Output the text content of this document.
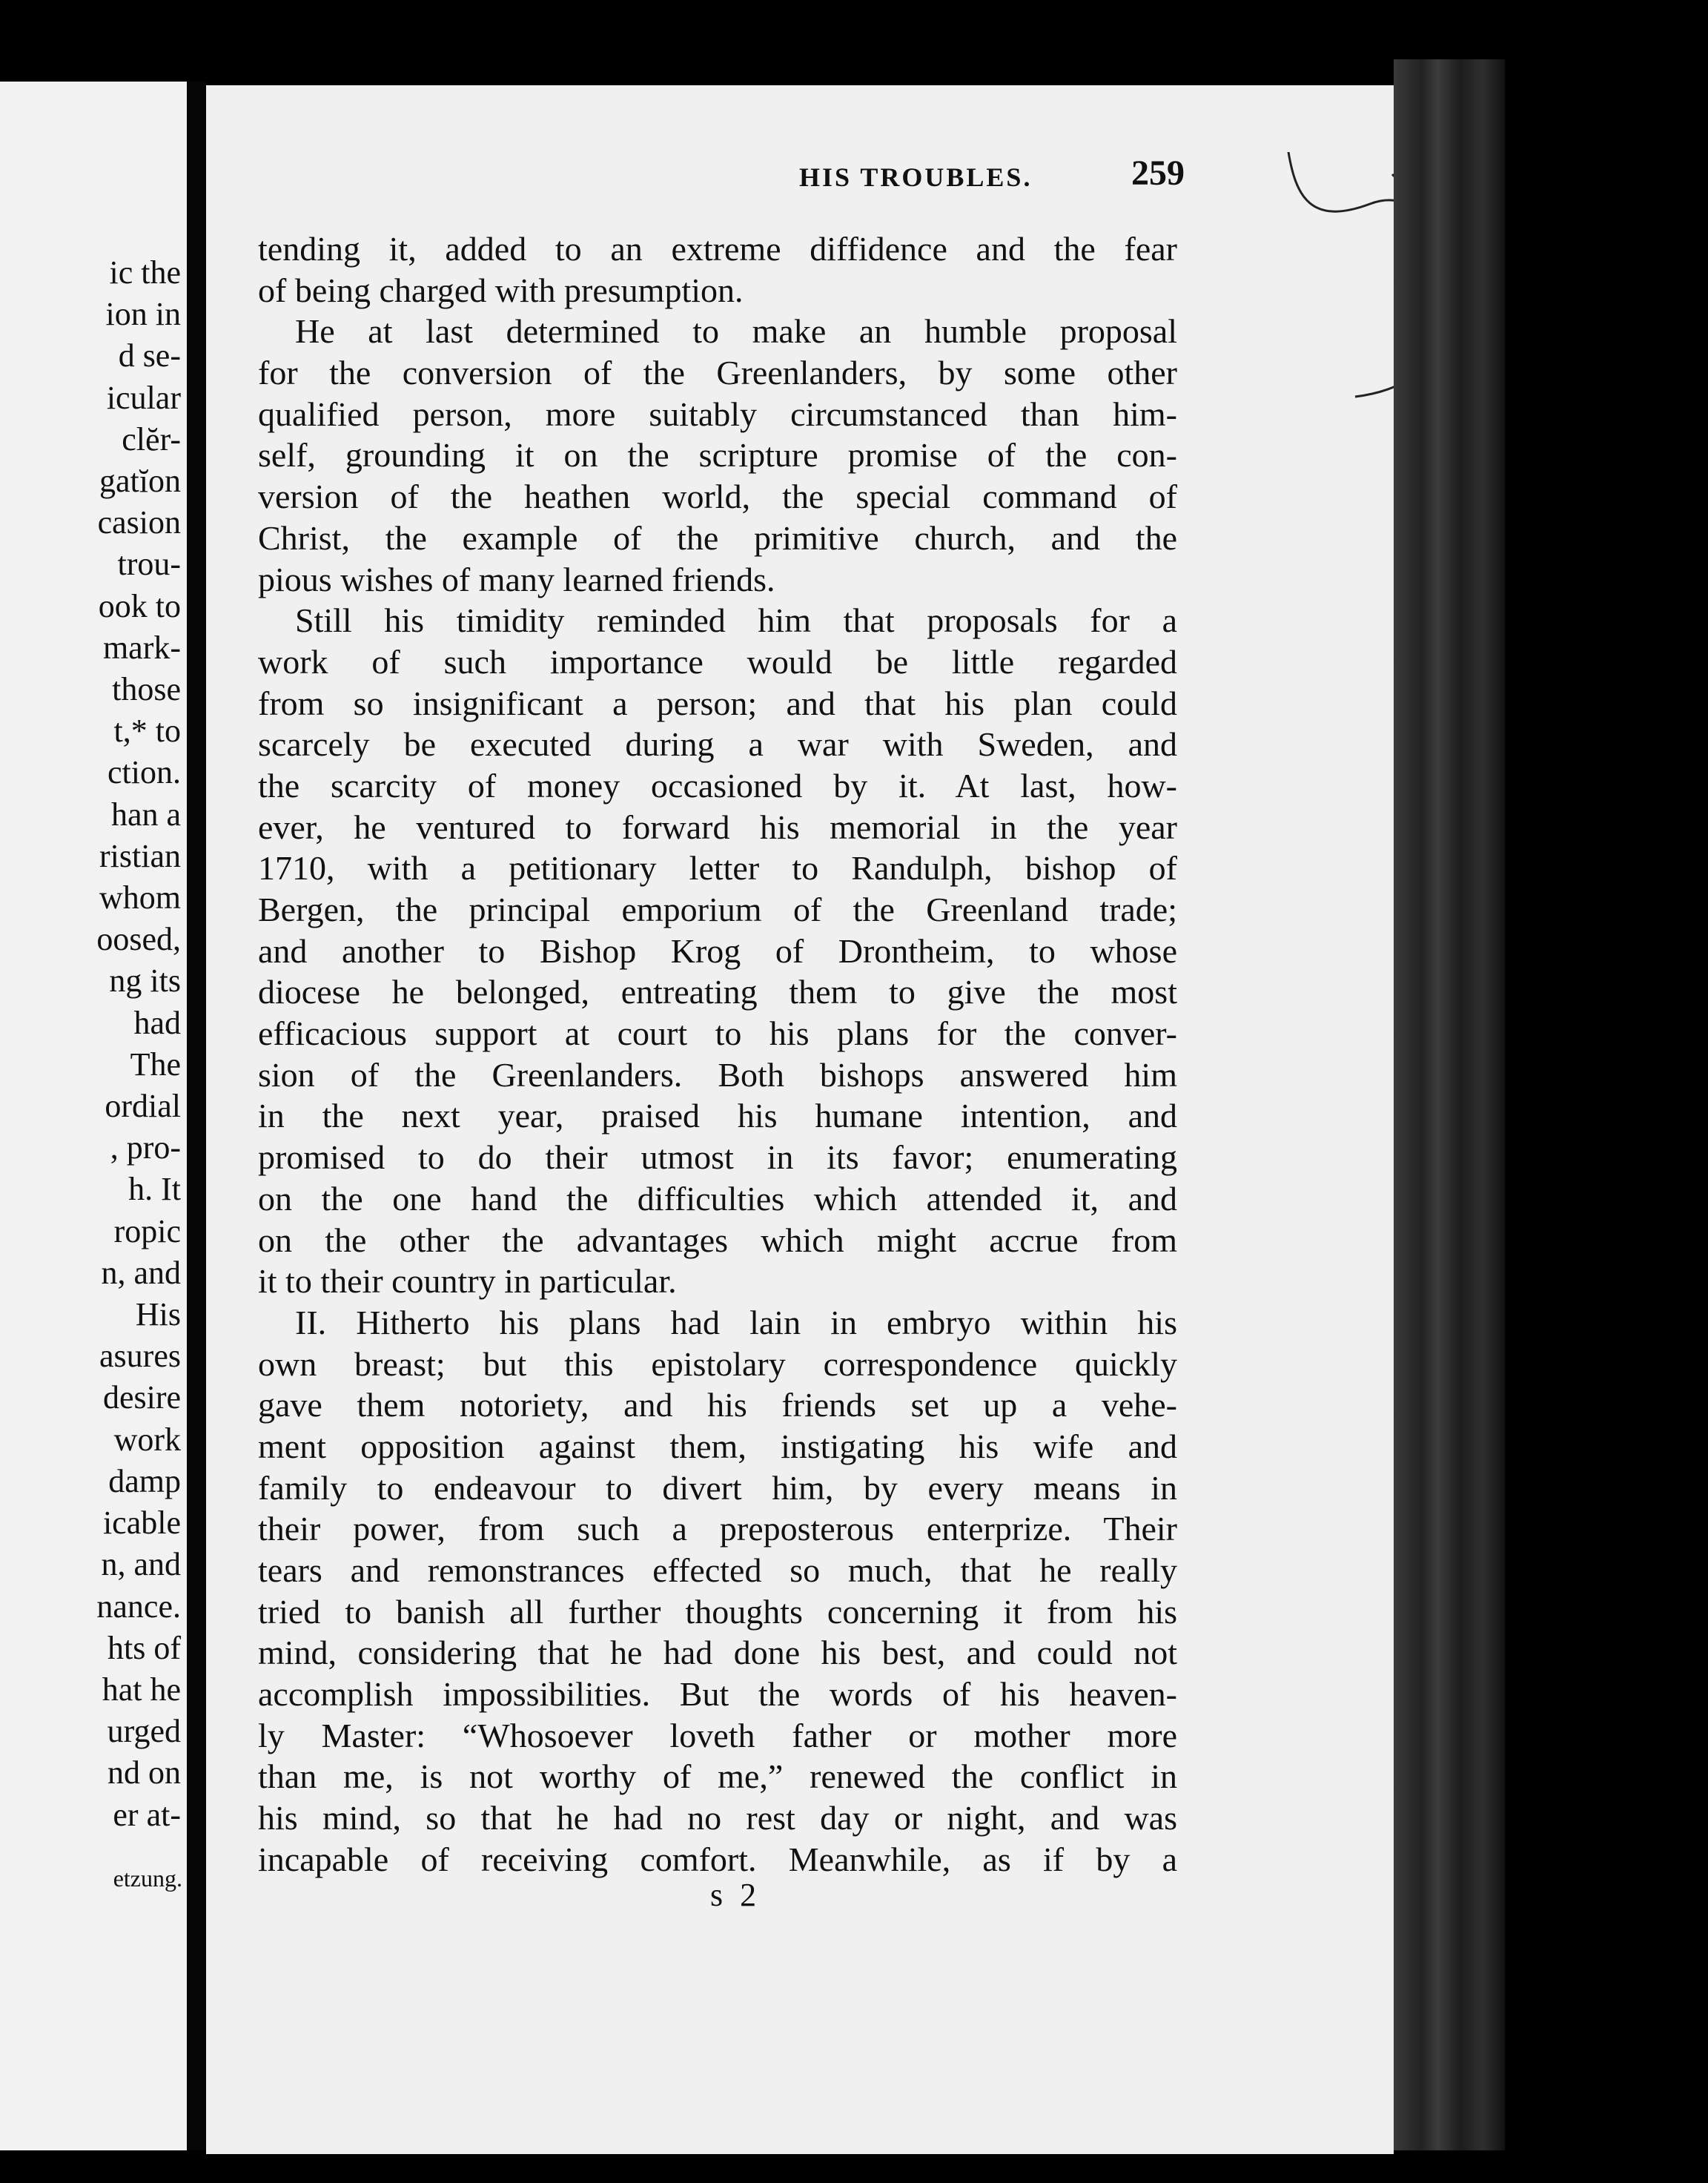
ic the
ion in
d se-
icular
clĕr-
gatĭon
casion
trou-
ook to
mark-
those
t,* to
ction.
han a
ristian
whom
oosed,
ng its
had
The
ordial
, pro-
h. It
ropic
n, and
His
asures
desire
work
damp
icable
n, and
nance.
hts of
hat he
urged
nd on
er at-
etzung.
HIS TROUBLES.	259
tending it, added to an extreme diffidence and the fear
of being charged with presumption.
He at last determined to make an humble proposal
for the conversion of the Greenlanders, by some other
qualified person, more suitably circumstanced than him-
self, grounding it on the scripture promise of the con-
version of the heathen world, the special command of
Christ, the example of the primitive church, and the
pious wishes of many learned friends.
Still his timidity reminded him that proposals for a
work of such importance would be little regarded
from so insignificant a person; and that his plan could
scarcely be executed during a war with Sweden, and
the scarcity of money occasioned by it. At last, how-
ever, he ventured to forward his memorial in the year
1710, with a petitionary letter to Randulph, bishop of
Bergen, the principal emporium of the Greenland trade;
and another to Bishop Krog of Drontheim, to whose
diocese he belonged, entreating them to give the most
efficacious support at court to his plans for the conver-
sion of the Greenlanders. Both bishops answered him
in the next year, praised his humane intention, and
promised to do their utmost in its favor; enumerating
on the one hand the difficulties which attended it, and
on the other the advantages which might accrue from
it to their country in particular.
II. Hitherto his plans had lain in embryo within his
own breast; but this epistolary correspondence quickly
gave them notoriety, and his friends set up a vehe-
ment opposition against them, instigating his wife and
family to endeavour to divert him, by every means in
their power, from such a preposterous enterprize. Their
tears and remonstrances effected so much, that he really
tried to banish all further thoughts concerning it from his
mind, considering that he had done his best, and could not
accomplish impossibilities. But the words of his heaven-
ly Master: “Whosoever loveth father or mother more
than me, is not worthy of me,” renewed the conflict in
his mind, so that he had no rest day or night, and was
incapable of receiving comfort. Meanwhile, as if by a
s 2
